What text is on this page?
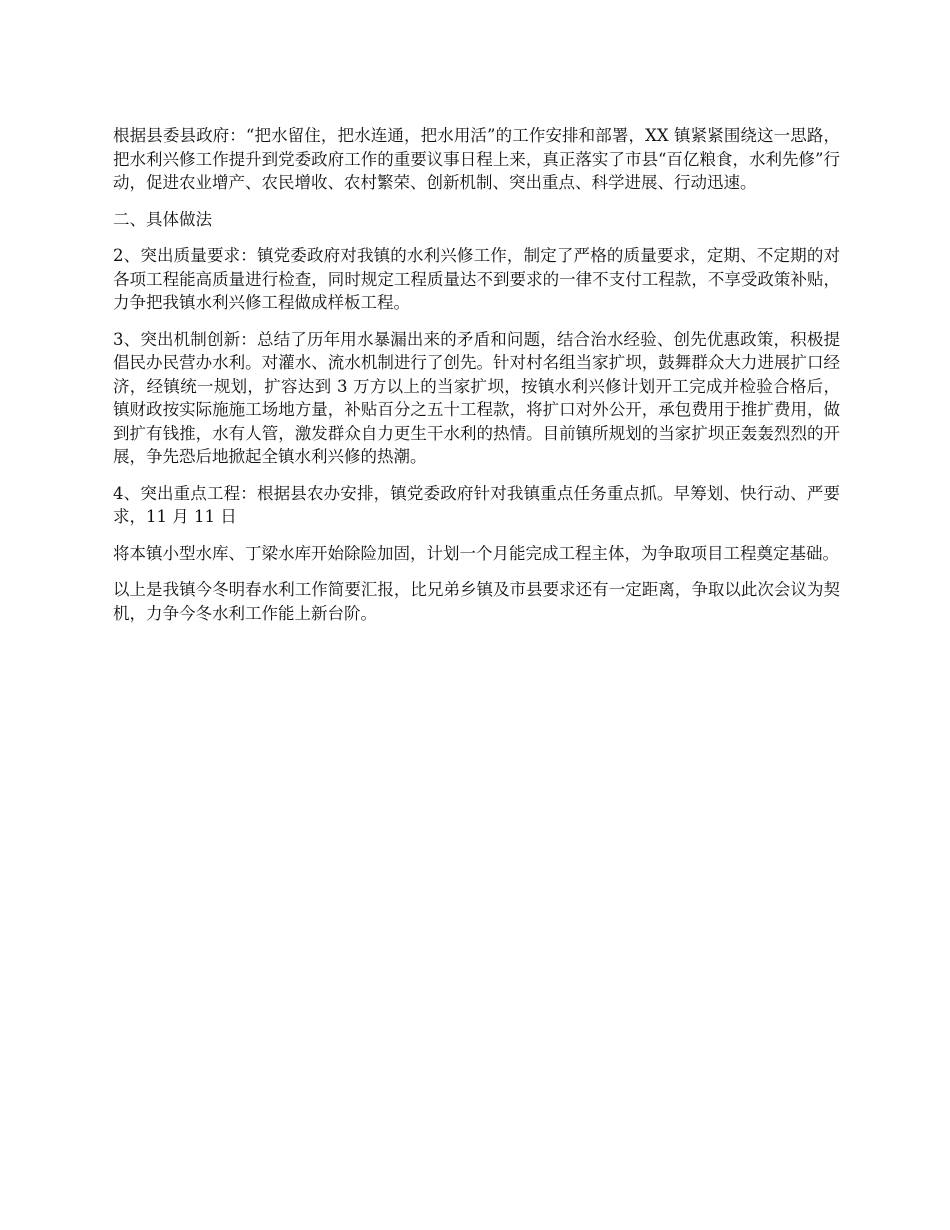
根据县委县政府：“把水留住，把水连通，把水用活”的工作安排和部署，XX 镇紧紧围绕这一思路，把水利兴修工作提升到党委政府工作的重要议事日程上来，真正落实了市县“百亿粮食，水利先修”行动，促进农业增产、农民增收、农村繁荣、创新机制、突出重点、科学进展、行动迅速。

二、具体做法

2、突出质量要求：镇党委政府对我镇的水利兴修工作，制定了严格的质量要求，定期、不定期的对各项工程能高质量进行检查，同时规定工程质量达不到要求的一律不支付工程款，不享受政策补贴，力争把我镇水利兴修工程做成样板工程。

3、突出机制创新：总结了历年用水暴漏出来的矛盾和问题，结合治水经验、创先优惠政策，积极提倡民办民营办水利。对灌水、流水机制进行了创先。针对村名组当家扩坝，鼓舞群众大力进展扩口经济，经镇统一规划，扩容达到 3 万方以上的当家扩坝，按镇水利兴修计划开工完成并检验合格后，镇财政按实际施施工场地方量，补贴百分之五十工程款，将扩口对外公开，承包费用于推扩费用，做到扩有钱推，水有人管，激发群众自力更生干水利的热情。目前镇所规划的当家扩坝正轰轰烈烈的开展，争先恐后地掀起全镇水利兴修的热潮。

4、突出重点工程：根据县农办安排，镇党委政府针对我镇重点任务重点抓。早筹划、快行动、严要求，11 月 11 日

将本镇小型水库、丁梁水库开始除险加固，计划一个月能完成工程主体，为争取项目工程奠定基础。

以上是我镇今冬明春水利工作简要汇报，比兄弟乡镇及市县要求还有一定距离，争取以此次会议为契机，力争今冬水利工作能上新台阶。
